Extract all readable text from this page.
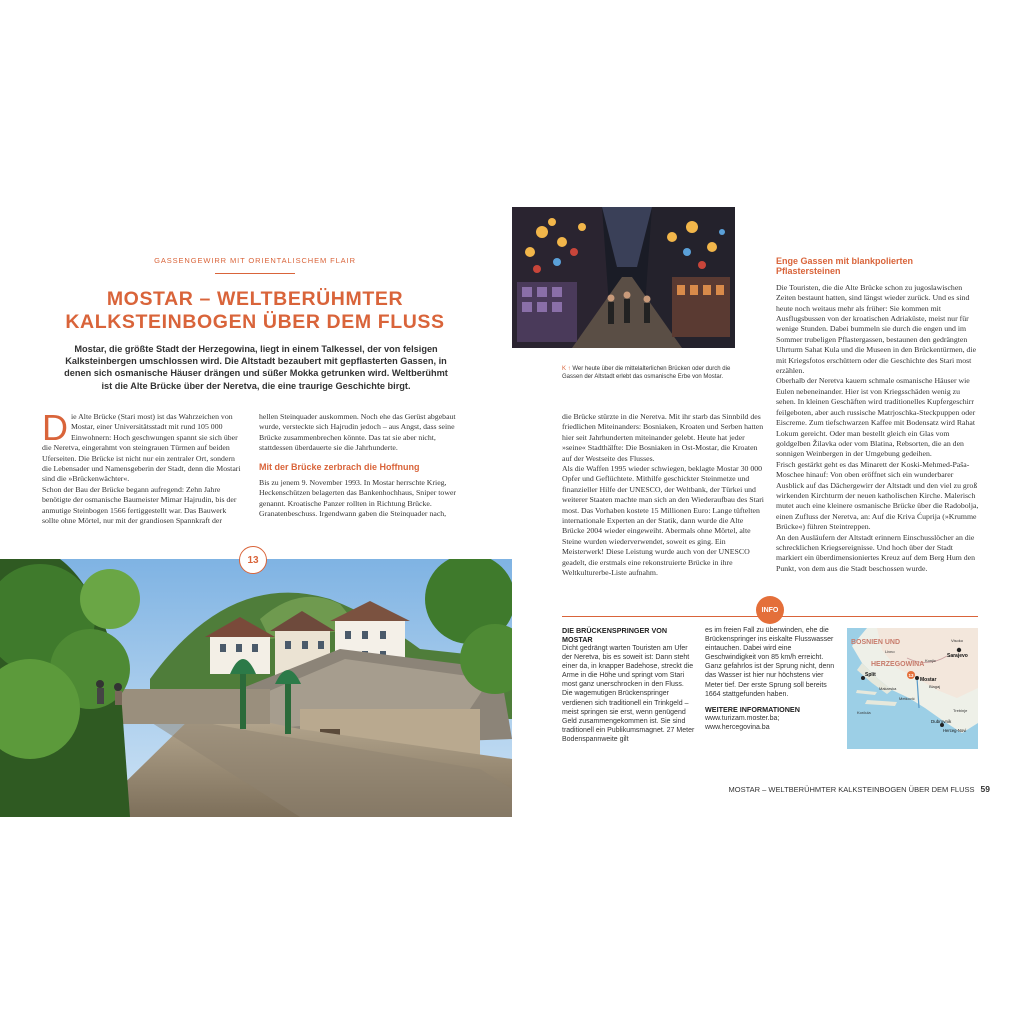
GASSENGEWIRR MIT ORIENTALISCHEM FLAIR
MOSTAR – WELTBERÜHMTER
KALKSTEINBOGEN ÜBER DEM FLUSS
Mostar, die größte Stadt der Herzegowina, liegt in einem Talkessel, der von felsigen Kalksteinbergen umschlossen wird. Die Altstadt bezaubert mit gepflasterten Gassen, in denen sich osmanische Häuser drängen und süßer Mokka getrunken wird. Weltberühmt ist die Alte Brücke über der Neretva, die eine traurige Geschichte birgt.
D ie Alte Brücke (Stari most) ist das Wahrzeichen von Mostar, einer Universitätsstadt mit rund 105 000 Einwohnern: Hoch geschwungen spannt sie sich über die Neretva, eingerahmt von steingrauen Türmen auf beiden Uferseiten. Die Brücke ist nicht nur ein zentraler Ort, sondern die Lebensader und Namensgeberin der Stadt, denn die Mostari sind die »Brückenwächter«.
Schon der Bau der Brücke begann aufregend: Zehn Jahre benötigte der osmanische Baumeister Mimar Hajrudin, bis der anmutige Steinbogen 1566 fertiggestellt war. Das Bauwerk sollte ohne Mörtel, nur mit der grandiosen Spannkraft der
hellen Steinquader auskommen. Noch ehe das Gerüst abgebaut wurde, versteckte sich Hajrudin jedoch – aus Angst, dass seine Brücke zusammenbrechen könnte. Das tat sie aber nicht, stattdessen überdauerte sie die Jahrhunderte.
Mit der Brücke zerbrach die Hoffnung
Bis zu jenem 9. November 1993. In Mostar herrschte Krieg, Heckenschützen belagerten das Bankenhochhaus, Sniper tower genannt. Kroatische Panzer rollten in Richtung Brücke. Granatenbeschuss. Irgendwann gaben die Steinquader nach,
13
K ↑ Wer heute über die mittelalterlichen Brücken oder durch die Gassen der Altstadt erlebt das osmanische Erbe von Mostar.
die Brücke stürzte in die Neretva. Mit ihr starb das Sinnbild des friedlichen Miteinanders: Bosniaken, Kroaten und Serben hatten hier seit Jahrhunderten miteinander gelebt. Heute hat jeder »seine« Stadthälfte: Die Bosniaken in Ost-Mostar, die Kroaten auf der Westseite des Flusses.
Als die Waffen 1995 wieder schwiegen, beklagte Mostar 30 000 Opfer und Geflüchtete. Mithilfe geschickter Steinmetze und finanzieller Hilfe der UNESCO, der Weltbank, der Türkei und weiterer Staaten machte man sich an den Wiederaufbau des Stari most. Das Vorhaben kostete 15 Millionen Euro: Lange tüftelten internationale Experten an der Statik, dann wurde die Alte Brücke 2004 wieder eingeweiht. Abermals ohne Mörtel, alte Steine wurden wiederverwendet, soweit es ging. Ein Meisterwerk! Diese Leistung wurde auch von der UNESCO geadelt, die erstmals eine rekonstruierte Brücke in ihre Weltkulturerbe-Liste aufnahm.
Enge Gassen mit blankpolierten Pflastersteinen
Die Touristen, die die Alte Brücke schon zu jugoslawischen Zeiten bestaunt hatten, sind längst wieder zurück. Und es sind heute noch weitaus mehr als früher: Sie kommen mit Ausflugsbussen von der kroatischen Adriaküste, meist nur für wenige Stunden. Dabei bummeln sie durch die engen und im Sommer trubeligen Pflastergassen, bestaunen den gedrängten Uhrturm Sahat Kula und die Museen in den Brückentürmen, die mit Kriegsfotos erschüttern oder die Geschichte des Stari most erzählen.
Oberhalb der Neretva kauern schmale osmanische Häuser wie Eulen nebeneinander. Hier ist von Kriegsschäden wenig zu sehen. In kleinen Geschäften wird traditionelles Kupfergeschirr feilgeboten, aber auch russische Matrjoschka-Steckpuppen oder Eiscreme. Zum tiefschwarzen Kaffee mit Bodensatz wird Rahat Lokum gereicht. Oder man bestellt gleich ein Glas vom goldgelben Žilavka oder vom Blatina, Rebsorten, die an den sonnigen Weinbergen in der Umgebung gedeihen.
Frisch gestärkt geht es das Minarett der Koski-Mehmed-Paša-Moschee hinauf: Von oben eröffnet sich ein wunderbarer Ausblick auf das Dächergewirr der Altstadt und den viel zu groß wirkenden Kirchturm der neuen katholischen Kirche. Malerisch mutet auch eine kleinere osmanische Brücke über die Radobolja, einen Zufluss der Neretva, an: Auf die Kriva Ćuprija (»Krumme Brücke«) führen Steintreppen.
An den Ausläufern der Altstadt erinnern Einschusslöcher an die schrecklichen Kriegsereignisse. Und hoch über der Stadt markiert ein überdimensioniertes Kreuz auf dem Berg Hum den Punkt, von dem aus die Stadt beschossen wurde.
INFO
DIE BRÜCKENSPRINGER VON MOSTAR
Dicht gedrängt warten Touristen am Ufer der Neretva, bis es soweit ist: Dann steht einer da, in knapper Badehose, streckt die Arme in die Höhe und springt vom Stari most ganz unerschrocken in den Fluss. Die wagemutigen Brückenspringer verdienen sich traditionell ein Trinkgeld – meist springen sie erst, wenn genügend Geld zusammengekommen ist. Sie sind traditionell ein Publikumsmagnet. 27 Meter Bodenspannweite gilt
es im freien Fall zu überwinden, ehe die Brückenspringer ins eiskalte Flusswasser eintauchen. Dabei wird eine Geschwindigkeit von 85 km/h erreicht. Ganz gefahrlos ist der Sprung nicht, denn das Wasser ist hier nur höchstens vier Meter tief. Der erste Sprung soll bereits 1664 stattgefunden haben.
WEITERE INFORMATIONEN
www.turizam.moster.ba;
www.hercegovina.ba
BOSNIEN UND
HERZEGOWINA
Sarajevo
Split	13
Mostar
Dubrovnik
Herceg-Novi
Visoko
Livno
Konjic
Blagaj
Trebinje
Makarska
Korčula
Metković
MOSTAR – WELTBERÜHMTER KALKSTEINBOGEN ÜBER DEM FLUSS 59
